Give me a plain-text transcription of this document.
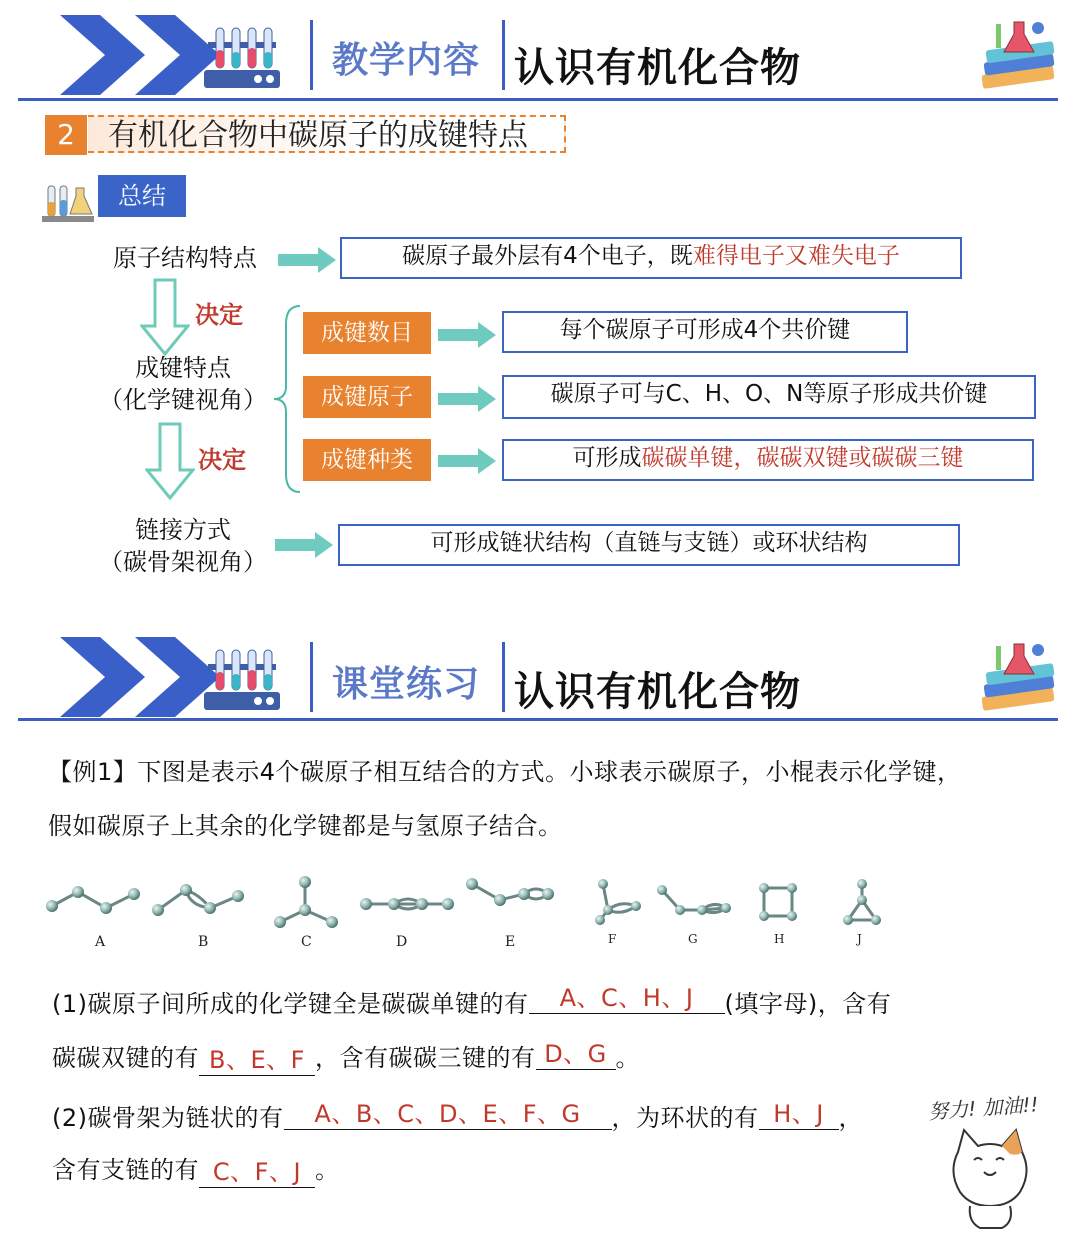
教学内容 认识有机化合物
2	有机化合物中碳原子的成键特点
总结
原子结构特点
决定
成键特点
（化学键视角）
决定
链接方式
（碳骨架视角）
碳原子最外层有4个电子，既难得电子又难失电子
成键数目	每个碳原子可形成4个共价键
成键原子	碳原子可与C、H、O、N等原子形成共价键
成键种类	可形成碳碳单键，碳碳双键或碳碳三键
可形成链状结构（直链与支链）或环状结构
课堂练习 认识有机化合物
【例1】下图是表示4个碳原子相互结合的方式。小球表示碳原子，小棍表示化学键，
假如碳原子上其余的化学键都是与氢原子结合。
A	B	C	D	E	F	G	H	J
(1)碳原子间所成的化学键全是碳碳单键的有 A、C、H、J (填字母)，含有
碳碳双键的有 B、E、F ，含有碳碳三键的有 D、G 。
(2)碳骨架为链状的有 A、B、C、D、E、F、G ，为环状的有 H、J ，
含有支链的有 C、F、J 。
努力! 加油!!
